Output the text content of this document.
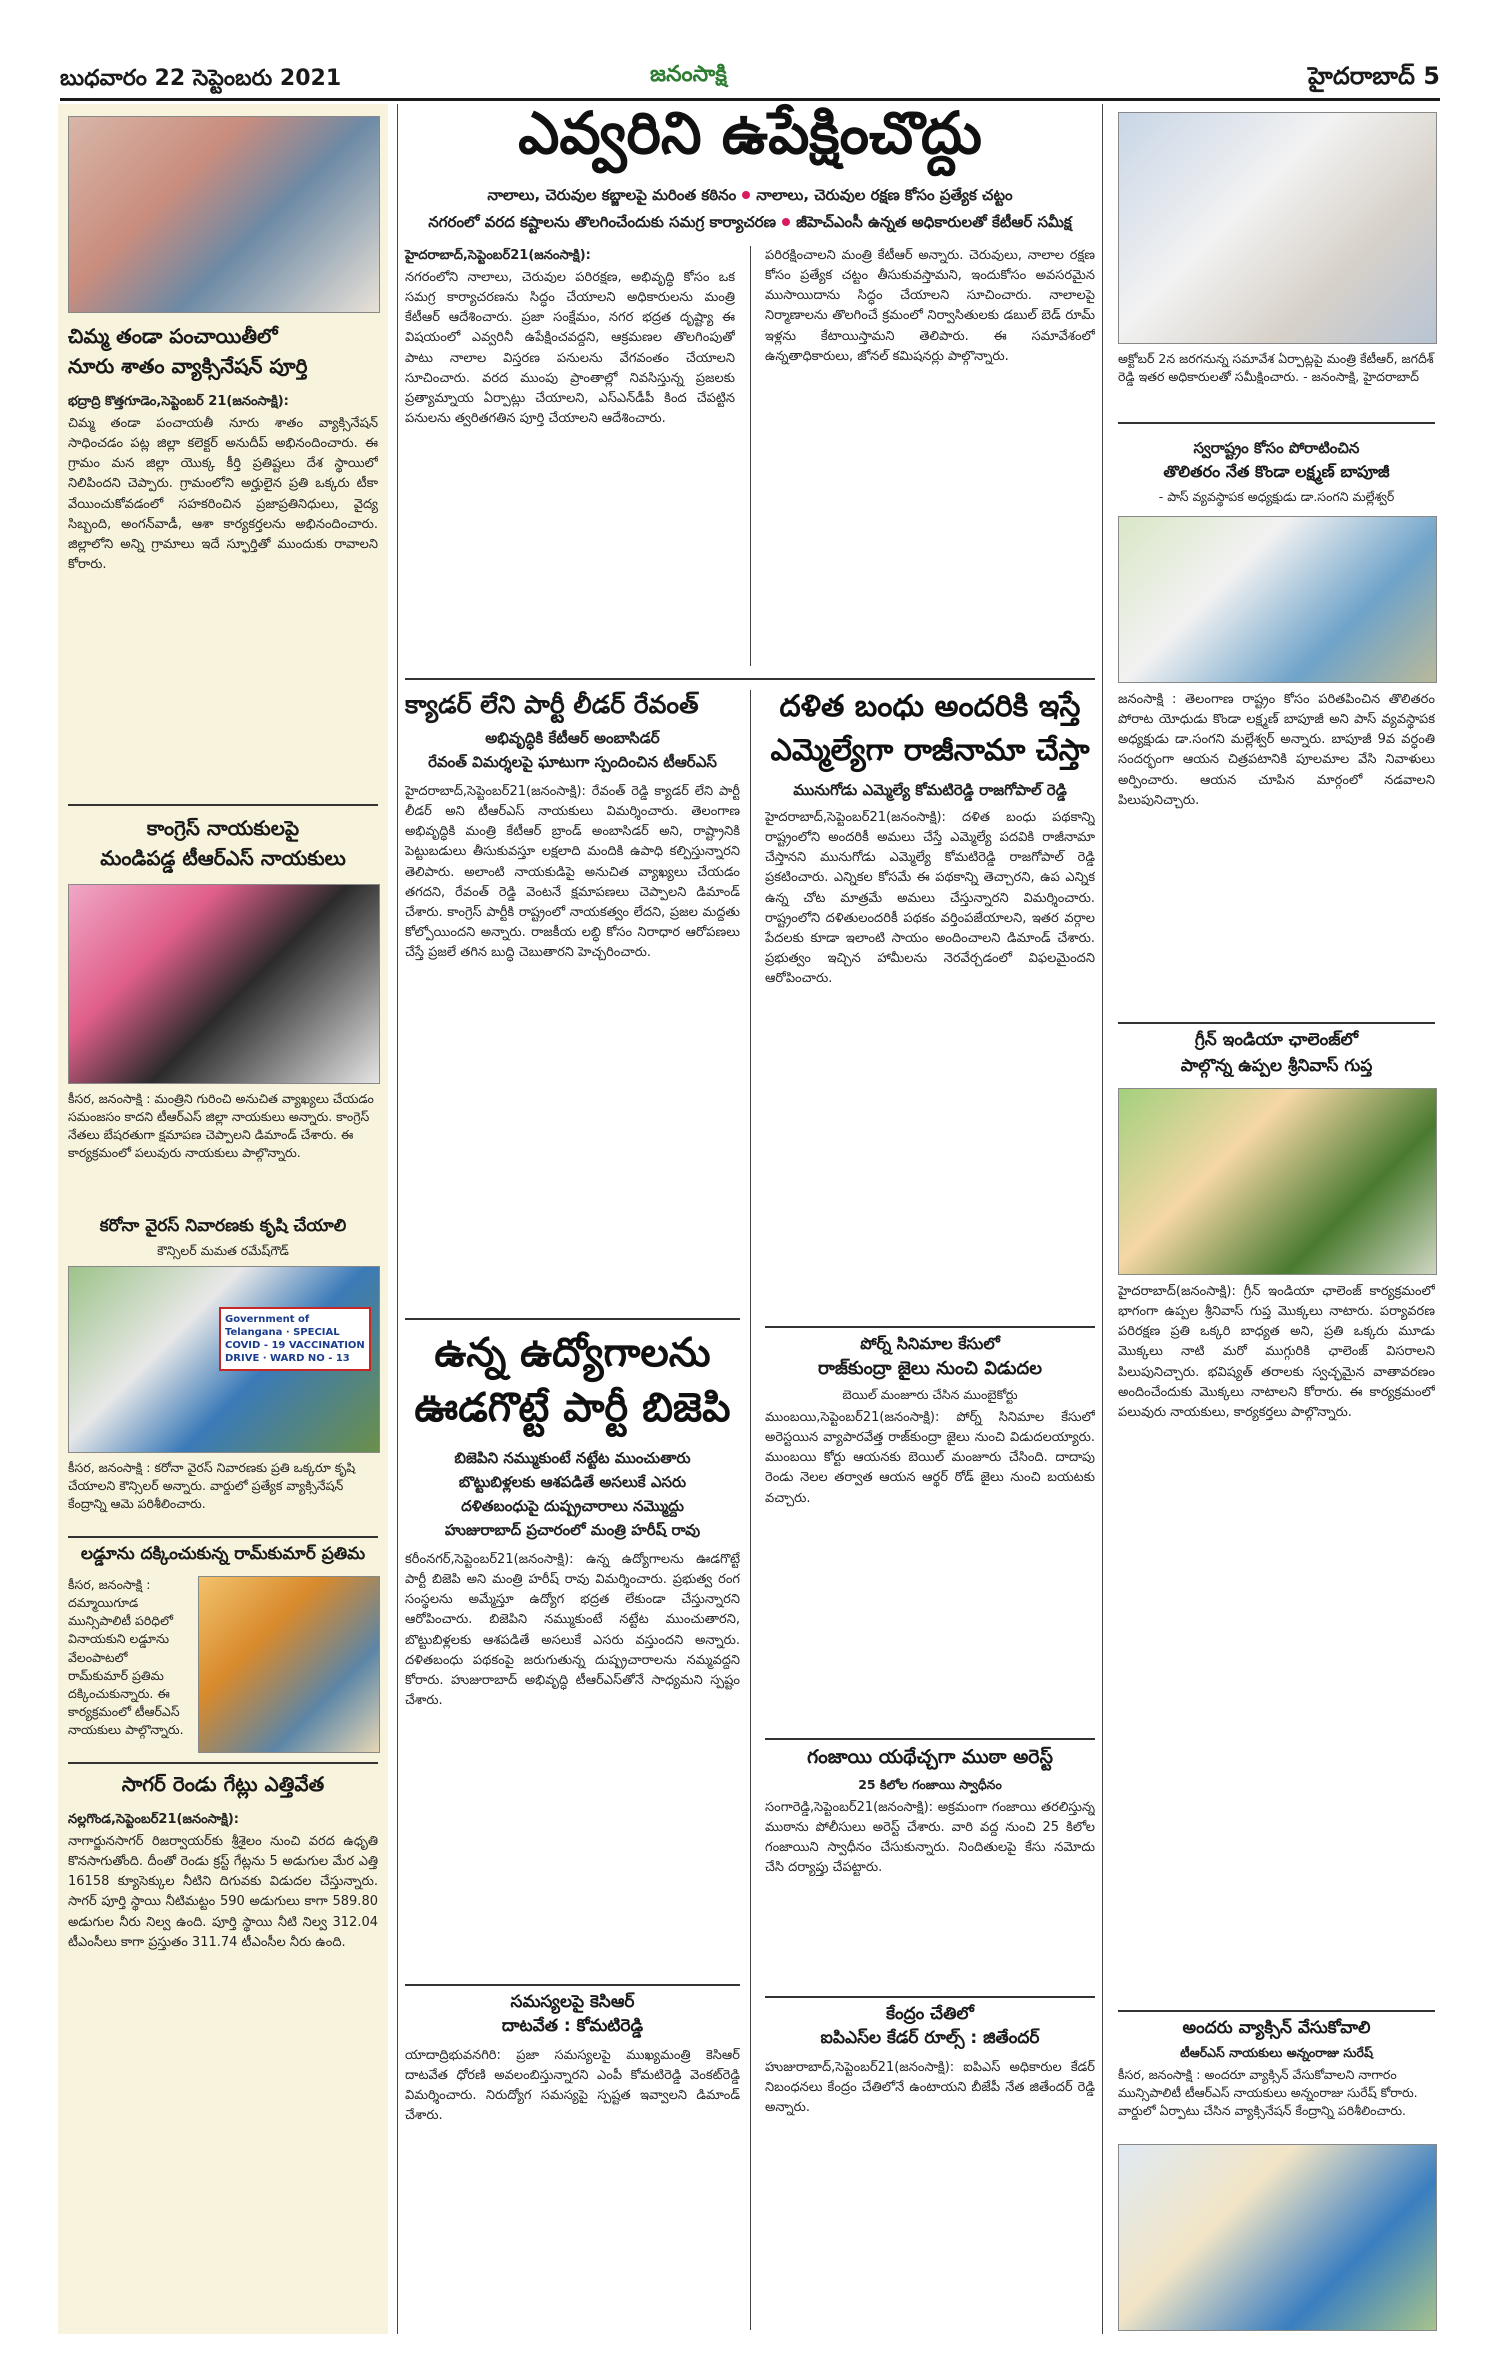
బుధవారం 22 సెప్టెంబరు 2021	జనంసాక్షి	హైదరాబాద్ 5
చిమ్మ తండా పంచాయితీలో
నూరు శాతం వ్యాక్సినేషన్ పూర్తి
భద్రాద్రి కొత్తగూడెం,సెప్టెంబర్ 21(జనంసాక్షి):
చిమ్మ తండా పంచాయతీ నూరు శాతం వ్యాక్సినేషన్ సాధించడం పట్ల జిల్లా కలెక్టర్ అనుదీప్ అభినందించారు. ఈ గ్రామం మన జిల్లా యొక్క కీర్తి ప్రతిష్టలు దేశ స్థాయిలో నిలిపిందని చెప్పారు. గ్రామంలోని అర్హులైన ప్రతి ఒక్కరు టీకా వేయించుకోవడంలో సహకరించిన ప్రజాప్రతినిధులు, వైద్య సిబ్బంది, అంగన్‌వాడీ, ఆశా కార్యకర్తలను అభినందించారు. జిల్లాలోని అన్ని గ్రామాలు ఇదే స్ఫూర్తితో ముందుకు రావాలని కోరారు.
కాంగ్రెస్ నాయకులపై
మండిపడ్డ టీఆర్ఎస్ నాయకులు
కీసర, జనంసాక్షి : మంత్రిని గురించి అనుచిత వ్యాఖ్యలు చేయడం సమంజసం కాదని టీఆర్ఎస్ జిల్లా నాయకులు అన్నారు. కాంగ్రెస్ నేతలు బేషరతుగా క్షమాపణ చెప్పాలని డిమాండ్ చేశారు. ఈ కార్యక్రమంలో పలువురు నాయకులు పాల్గొన్నారు.
కరోనా వైరస్ నివారణకు కృషి చేయాలి
కౌన్సిలర్ మమత రమేష్‌గౌడ్
Government of Telangana · SPECIAL COVID - 19 VACCINATION DRIVE · WARD NO - 13
కీసర, జనంసాక్షి : కరోనా వైరస్ నివారణకు ప్రతి ఒక్కరూ కృషి చేయాలని కౌన్సిలర్ అన్నారు. వార్డులో ప్రత్యేక వ్యాక్సినేషన్ కేంద్రాన్ని ఆమె పరిశీలించారు.
లడ్డూను దక్కించుకున్న రామ్‌కుమార్ ప్రతిమ
కీసర, జనంసాక్షి : దమ్మాయిగూడ మున్సిపాలిటీ పరిధిలో వినాయకుని లడ్డూను వేలంపాటలో రామ్‌కుమార్ ప్రతిమ దక్కించుకున్నారు. ఈ కార్యక్రమంలో టీఆర్ఎస్ నాయకులు పాల్గొన్నారు.
సాగర్ రెండు గేట్లు ఎత్తివేత
నల్లగొండ,సెప్టెంబర్21(జనంసాక్షి):
నాగార్జునసాగర్ రిజర్వాయర్‌కు శ్రీశైలం నుంచి వరద ఉధృతి కొనసాగుతోంది. దీంతో రెండు క్రస్ట్ గేట్లను 5 అడుగుల మేర ఎత్తి 16158 క్యూసెక్కుల నీటిని దిగువకు విడుదల చేస్తున్నారు. సాగర్ పూర్తి స్థాయి నీటిమట్టం 590 అడుగులు కాగా 589.80 అడుగుల నీరు నిల్వ ఉంది. పూర్తి స్థాయి నీటి నిల్వ 312.04 టీఎంసీలు కాగా ప్రస్తుతం 311.74 టీఎంసీల నీరు ఉంది.
ఎవ్వరిని ఉపేక్షించొద్దు
నాలాలు, చెరువుల కబ్జాలపై మరింత కఠినం నాలాలు, చెరువుల రక్షణ కోసం ప్రత్యేక చట్టం
నగరంలో వరద కష్టాలను తొలగించేందుకు సమగ్ర కార్యాచరణ జీహెచ్‌ఎంసీ ఉన్నత అధికారులతో కేటీఆర్ సమీక్ష
హైదరాబాద్,సెప్టెంబర్21(జనంసాక్షి):
నగరంలోని నాలాలు, చెరువుల పరిరక్షణ, అభివృద్ధి కోసం ఒక సమగ్ర కార్యాచరణను సిద్ధం చేయాలని అధికారులను మంత్రి కేటీఆర్ ఆదేశించారు. ప్రజా సంక్షేమం, నగర భద్రత దృష్ట్యా ఈ విషయంలో ఎవ్వరినీ ఉపేక్షించవద్దని, ఆక్రమణల తొలగింపుతో పాటు నాలాల విస్తరణ పనులను వేగవంతం చేయాలని సూచించారు. వరద ముంపు ప్రాంతాల్లో నివసిస్తున్న ప్రజలకు ప్రత్యామ్నాయ ఏర్పాట్లు చేయాలని, ఎస్ఎన్‌డీపీ కింద చేపట్టిన పనులను త్వరితగతిన పూర్తి చేయాలని ఆదేశించారు.
పరిరక్షించాలని మంత్రి కేటీఆర్ అన్నారు. చెరువులు, నాలాల రక్షణ కోసం ప్రత్యేక చట్టం తీసుకువస్తామని, ఇందుకోసం అవసరమైన ముసాయిదాను సిద్ధం చేయాలని సూచించారు. నాలాలపై నిర్మాణాలను తొలగించే క్రమంలో నిర్వాసితులకు డబుల్ బెడ్ రూమ్ ఇళ్లను కేటాయిస్తామని తెలిపారు. ఈ సమావేశంలో ఉన్నతాధికారులు, జోనల్ కమిషనర్లు పాల్గొన్నారు.
క్యాడర్ లేని పార్టీ లీడర్ రేవంత్
అభివృద్ధికి కేటీఆర్ అంబాసిడర్
రేవంత్ విమర్శలపై ఘాటుగా స్పందించిన టీఆర్ఎస్
హైదరాబాద్,సెప్టెంబర్21(జనంసాక్షి): రేవంత్ రెడ్డి క్యాడర్ లేని పార్టీ లీడర్ అని టీఆర్ఎస్ నాయకులు విమర్శించారు. తెలంగాణ అభివృద్ధికి మంత్రి కేటీఆర్ బ్రాండ్ అంబాసిడర్ అని, రాష్ట్రానికి పెట్టుబడులు తీసుకువస్తూ లక్షలాది మందికి ఉపాధి కల్పిస్తున్నారని తెలిపారు. అలాంటి నాయకుడిపై అనుచిత వ్యాఖ్యలు చేయడం తగదని, రేవంత్ రెడ్డి వెంటనే క్షమాపణలు చెప్పాలని డిమాండ్ చేశారు. కాంగ్రెస్ పార్టీకి రాష్ట్రంలో నాయకత్వం లేదని, ప్రజల మద్దతు కోల్పోయిందని అన్నారు. రాజకీయ లబ్ధి కోసం నిరాధార ఆరోపణలు చేస్తే ప్రజలే తగిన బుద్ధి చెబుతారని హెచ్చరించారు.
ఉన్న ఉద్యోగాలను
ఊడగొట్టే పార్టీ బిజెపి
బిజెపిని నమ్ముకుంటే నట్టేట ముంచుతారు
బొట్టుబిళ్లలకు ఆశపడితే అసలుకే ఎసరు
దళితబంధుపై దుష్ప్రచారాలు నమ్మొద్దు
హుజురాబాద్ ప్రచారంలో మంత్రి హరీష్ రావు
కరీంనగర్,సెప్టెంబర్21(జనంసాక్షి): ఉన్న ఉద్యోగాలను ఊడగొట్టే పార్టీ బిజెపి అని మంత్రి హరీష్ రావు విమర్శించారు. ప్రభుత్వ రంగ సంస్థలను అమ్మేస్తూ ఉద్యోగ భద్రత లేకుండా చేస్తున్నారని ఆరోపించారు. బిజెపిని నమ్ముకుంటే నట్టేట ముంచుతారని, బొట్టుబిళ్లలకు ఆశపడితే అసలుకే ఎసరు వస్తుందని అన్నారు. దళితబంధు పథకంపై జరుగుతున్న దుష్ప్రచారాలను నమ్మవద్దని కోరారు. హుజురాబాద్ అభివృద్ధి టీఆర్ఎస్‌తోనే సాధ్యమని స్పష్టం చేశారు.
సమస్యలపై కెసిఆర్
దాటవేత : కోమటిరెడ్డి
యాదాద్రిభువనగిరి: ప్రజా సమస్యలపై ముఖ్యమంత్రి కెసిఆర్ దాటవేత ధోరణి అవలంబిస్తున్నారని ఎంపీ కోమటిరెడ్డి వెంకట్‌రెడ్డి విమర్శించారు. నిరుద్యోగ సమస్యపై స్పష్టత ఇవ్వాలని డిమాండ్ చేశారు.
దళిత బంధు అందరికి ఇస్తే
ఎమ్మెల్యేగా రాజీనామా చేస్తా
మునుగోడు ఎమ్మెల్యే కోమటిరెడ్డి రాజగోపాల్ రెడ్డి
హైదరాబాద్,సెప్టెంబర్21(జనంసాక్షి): దళిత బంధు పథకాన్ని రాష్ట్రంలోని అందరికీ అమలు చేస్తే ఎమ్మెల్యే పదవికి రాజీనామా చేస్తానని మునుగోడు ఎమ్మెల్యే కోమటిరెడ్డి రాజగోపాల్ రెడ్డి ప్రకటించారు. ఎన్నికల కోసమే ఈ పథకాన్ని తెచ్చారని, ఉప ఎన్నిక ఉన్న చోట మాత్రమే అమలు చేస్తున్నారని విమర్శించారు. రాష్ట్రంలోని దళితులందరికీ పథకం వర్తింపజేయాలని, ఇతర వర్గాల పేదలకు కూడా ఇలాంటి సాయం అందించాలని డిమాండ్ చేశారు. ప్రభుత్వం ఇచ్చిన హామీలను నెరవేర్చడంలో విఫలమైందని ఆరోపించారు.
పోర్న్ సినిమాల కేసులో
రాజ్‌కుంద్రా జైలు నుంచి విడుదల
బెయిల్ మంజూరు చేసిన ముంబైకోర్టు
ముంబయి,సెప్టెంబర్21(జనంసాక్షి): పోర్న్ సినిమాల కేసులో అరెస్టయిన వ్యాపారవేత్త రాజ్‌కుంద్రా జైలు నుంచి విడుదలయ్యారు. ముంబయి కోర్టు ఆయనకు బెయిల్ మంజూరు చేసింది. దాదాపు రెండు నెలల తర్వాత ఆయన ఆర్థర్ రోడ్ జైలు నుంచి బయటకు వచ్చారు.
గంజాయి యథేచ్చగా ముఠా అరెస్ట్
25 కిలోల గంజాయి స్వాధీనం
సంగారెడ్డి,సెప్టెంబర్21(జనంసాక్షి): అక్రమంగా గంజాయి తరలిస్తున్న ముఠాను పోలీసులు అరెస్ట్ చేశారు. వారి వద్ద నుంచి 25 కిలోల గంజాయిని స్వాధీనం చేసుకున్నారు. నిందితులపై కేసు నమోదు చేసి దర్యాప్తు చేపట్టారు.
కేంద్రం చేతిలో
ఐపిఎస్‌ల కేడర్ రూల్స్ : జితేందర్
హుజురాబాద్,సెప్టెంబర్21(జనంసాక్షి): ఐపిఎస్ అధికారుల కేడర్ నిబంధనలు కేంద్రం చేతిలోనే ఉంటాయని బీజేపీ నేత జితేందర్ రెడ్డి అన్నారు.
అక్టోబర్ 2న జరగనున్న సమావేశ ఏర్పాట్లపై మంత్రి కేటీఆర్, జగదీశ్ రెడ్డి ఇతర అధికారులతో సమీక్షించారు. - జనంసాక్షి, హైదరాబాద్
స్వరాష్ట్రం కోసం పోరాటించిన
తొలితరం నేత కొండా లక్ష్మణ్ బాపూజీ
- పాస్ వ్యవస్థాపక అధ్యక్షుడు డా.సంగని మల్లేశ్వర్
జనంసాక్షి : తెలంగాణ రాష్ట్రం కోసం పరితపించిన తొలితరం పోరాట యోధుడు కొండా లక్ష్మణ్ బాపూజీ అని పాస్ వ్యవస్థాపక అధ్యక్షుడు డా.సంగని మల్లేశ్వర్ అన్నారు. బాపూజీ 9వ వర్ధంతి సందర్భంగా ఆయన చిత్రపటానికి పూలమాల వేసి నివాళులు అర్పించారు. ఆయన చూపిన మార్గంలో నడవాలని పిలుపునిచ్చారు.
గ్రీన్ ఇండియా ఛాలెంజ్‌లో
పాల్గొన్న ఉప్పల శ్రీనివాస్ గుప్త
హైదరాబాద్(జనంసాక్షి): గ్రీన్ ఇండియా ఛాలెంజ్ కార్యక్రమంలో భాగంగా ఉప్పల శ్రీనివాస్ గుప్త మొక్కలు నాటారు. పర్యావరణ పరిరక్షణ ప్రతి ఒక్కరి బాధ్యత అని, ప్రతి ఒక్కరు మూడు మొక్కలు నాటి మరో ముగ్గురికి ఛాలెంజ్ విసరాలని పిలుపునిచ్చారు. భవిష్యత్ తరాలకు స్వచ్ఛమైన వాతావరణం అందించేందుకు మొక్కలు నాటాలని కోరారు. ఈ కార్యక్రమంలో పలువురు నాయకులు, కార్యకర్తలు పాల్గొన్నారు.
అందరు వ్యాక్సిన్ వేసుకోవాలి
టీఆర్ఎస్ నాయకులు అన్నంరాజు సురేష్
కీసర, జనంసాక్షి : అందరూ వ్యాక్సిన్ వేసుకోవాలని నాగారం మున్సిపాలిటీ టీఆర్ఎస్ నాయకులు అన్నంరాజు సురేష్ కోరారు. వార్డులో ఏర్పాటు చేసిన వ్యాక్సినేషన్ కేంద్రాన్ని పరిశీలించారు.
